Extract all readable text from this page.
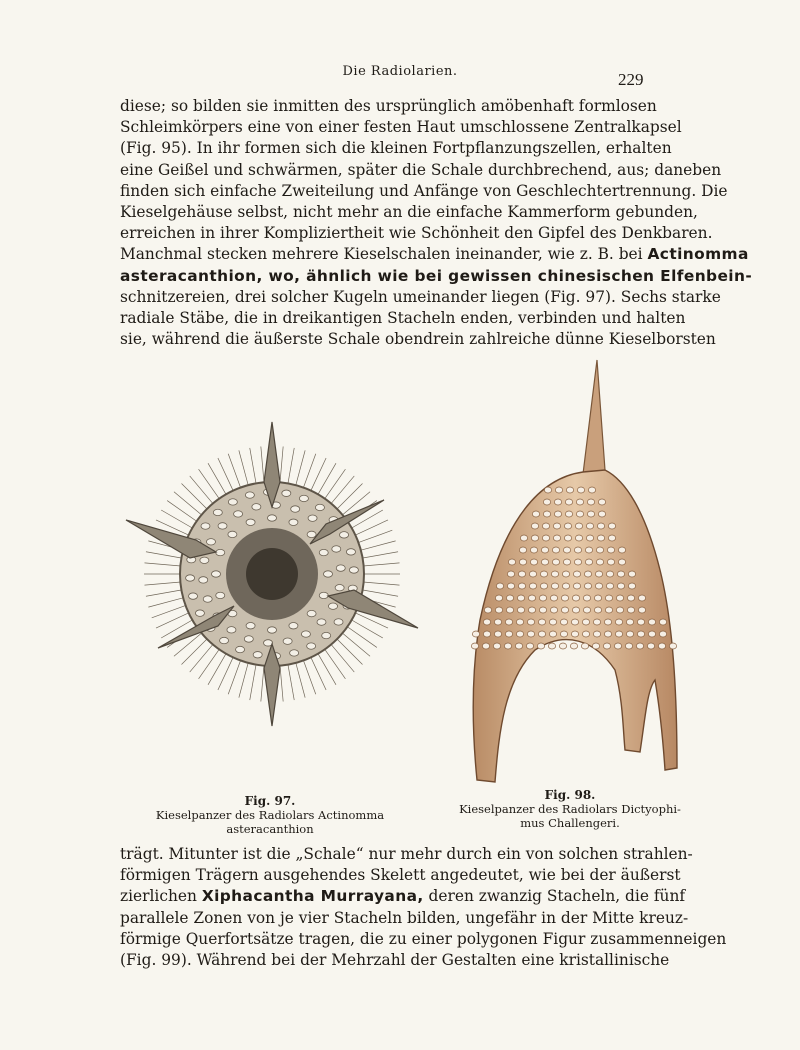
Die Radiolarien.	229
diese; so bilden sie inmitten des ursprünglich amöbenhaft formlosen
Schleimkörpers eine von einer festen Haut umschlossene Zentralkapsel
(Fig. 95). In ihr formen sich die kleinen Fortpflanzungszellen, erhalten
eine Geißel und schwärmen, später die Schale durchbrechend, aus; daneben
finden sich einfache Zweiteilung und Anfänge von Geschlechtertrennung. Die
Kieselgehäuse selbst, nicht mehr an die einfache Kammerform gebunden,
erreichen in ihrer Kompliziertheit wie Schönheit den Gipfel des Denkbaren.
Manchmal stecken mehrere Kieselschalen ineinander, wie z. B. bei Actinomma
asteracanthion, wo, ähnlich wie bei gewissen chinesischen Elfenbein-
schnitzereien, drei solcher Kugeln umeinander liegen (Fig. 97). Sechs starke
radiale Stäbe, die in dreikantigen Stacheln enden, verbinden und halten
sie, während die äußerste Schale obendrein zahlreiche dünne Kieselborsten
Fig. 97.
Kieselpanzer des Radiolars Actinomma
asteracanthion
Fig. 98.
Kieselpanzer des Radiolars Dictyophi-
mus Challengeri.
trägt. Mitunter ist die „Schale“ nur mehr durch ein von solchen strahlen-
förmigen Trägern ausgehendes Skelett angedeutet, wie bei der äußerst
zierlichen Xiphacantha Murrayana, deren zwanzig Stacheln, die fünf
parallele Zonen von je vier Stacheln bilden, ungefähr in der Mitte kreuz-
förmige Querfortsätze tragen, die zu einer polygonen Figur zusammenneigen
(Fig. 99). Während bei der Mehrzahl der Gestalten eine kristallinische
